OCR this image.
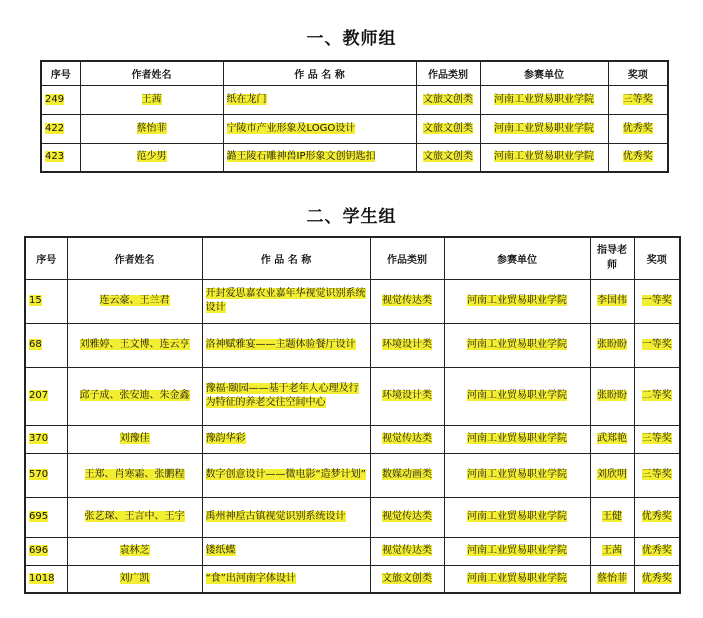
一、教师组
序号	作者姓名	作 品 名 称	作品类别	参赛单位	奖项
249	王茜	纸在龙门	文旅文创类	河南工业贸易职业学院	三等奖
422	蔡怡菲	宁陵市产业形象及LOGO设计	文旅文创类	河南工业贸易职业学院	优秀奖
423	范少男	潞王陵石雕神兽IP形象文创钥匙扣	文旅文创类	河南工业贸易职业学院	优秀奖
二、学生组
序号	作者姓名	作 品 名 称	作品类别	参赛单位	指导老师	奖项
15	连云豪、王兰君	开封爱思嘉农业嘉年华视觉识别系统设计	视觉传达类	河南工业贸易职业学院	李国伟	一等奖
68	刘雅婷、王文博、连云亨	洛神赋雅宴——主题体验餐厅设计	环境设计类	河南工业贸易职业学院	张盼盼	一等奖
207	邱子成、张安迪、朱金鑫	豫福·颐园——基于老年人心理及行为特征的养老交往空间中心	环境设计类	河南工业贸易职业学院	张盼盼	二等奖
370	刘豫佳	豫韵华彩	视觉传达类	河南工业贸易职业学院	武郑艳	三等奖
570	王郑、肖寒霜、张鹏程	数字创意设计——微电影“造梦计划”	数媒动画类	河南工业贸易职业学院	刘欣明	三等奖
695	张艺琛、王言中、王宇	禹州神垕古镇视觉识别系统设计	视觉传达类	河南工业贸易职业学院	王健	优秀奖
696	袁林芝	镂纸蝶	视觉传达类	河南工业贸易职业学院	王茜	优秀奖
1018	刘广凯	“食”出河南字体设计	文旅文创类	河南工业贸易职业学院	蔡怡菲	优秀奖
